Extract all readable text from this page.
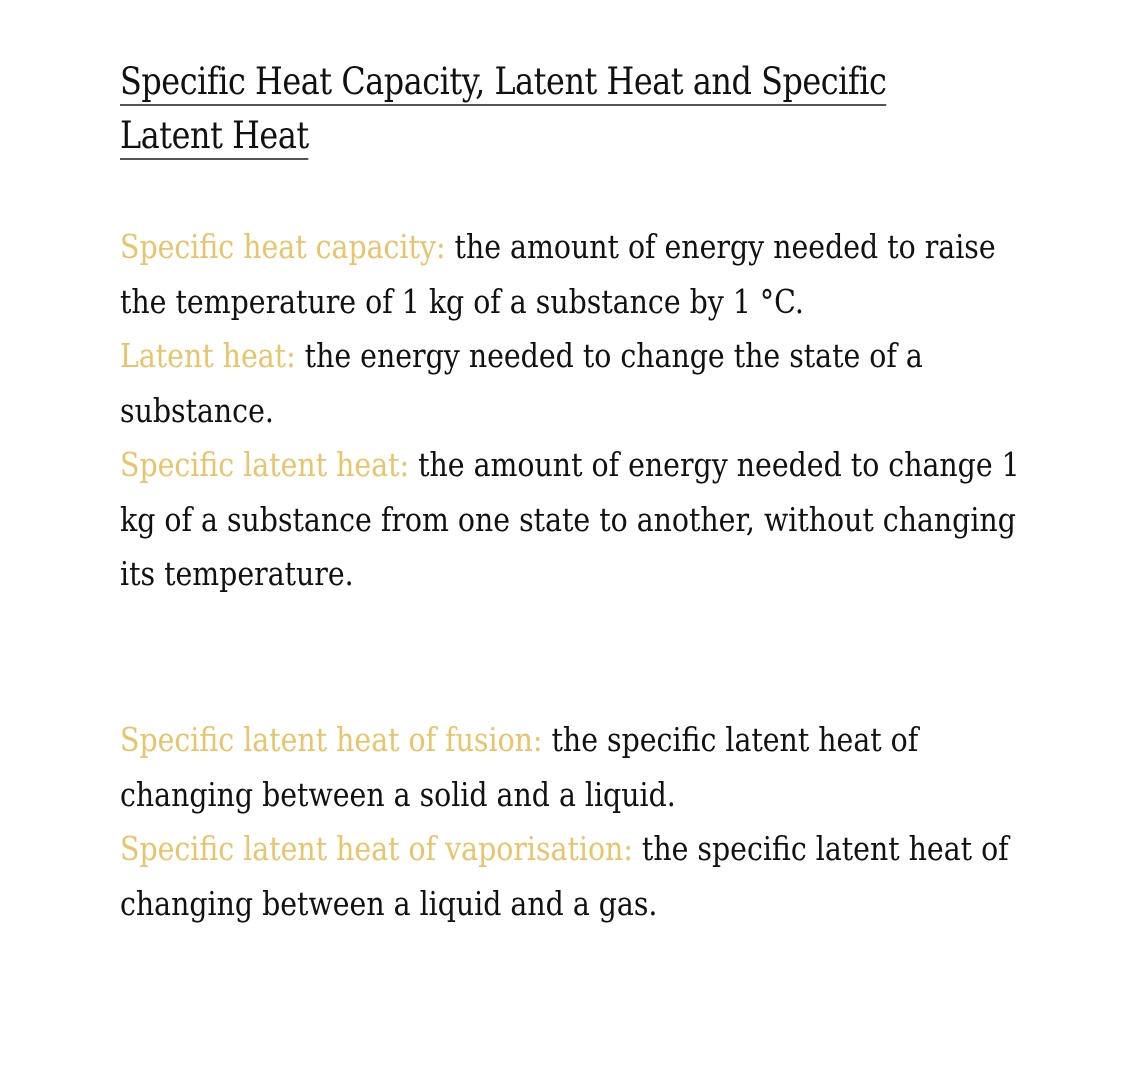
Specific Heat Capacity, Latent Heat and Specific
Latent Heat
Specific heat capacity: the amount of energy needed to raise the temperature of 1 kg of a substance by 1 °C.
Latent heat: the energy needed to change the state of a substance.
Specific latent heat: the amount of energy needed to change 1 kg of a substance from one state to another, without changing its temperature.
Specific latent heat of fusion: the specific latent heat of changing between a solid and a liquid.
Specific latent heat of vaporisation: the specific latent heat of changing between a liquid and a gas.
